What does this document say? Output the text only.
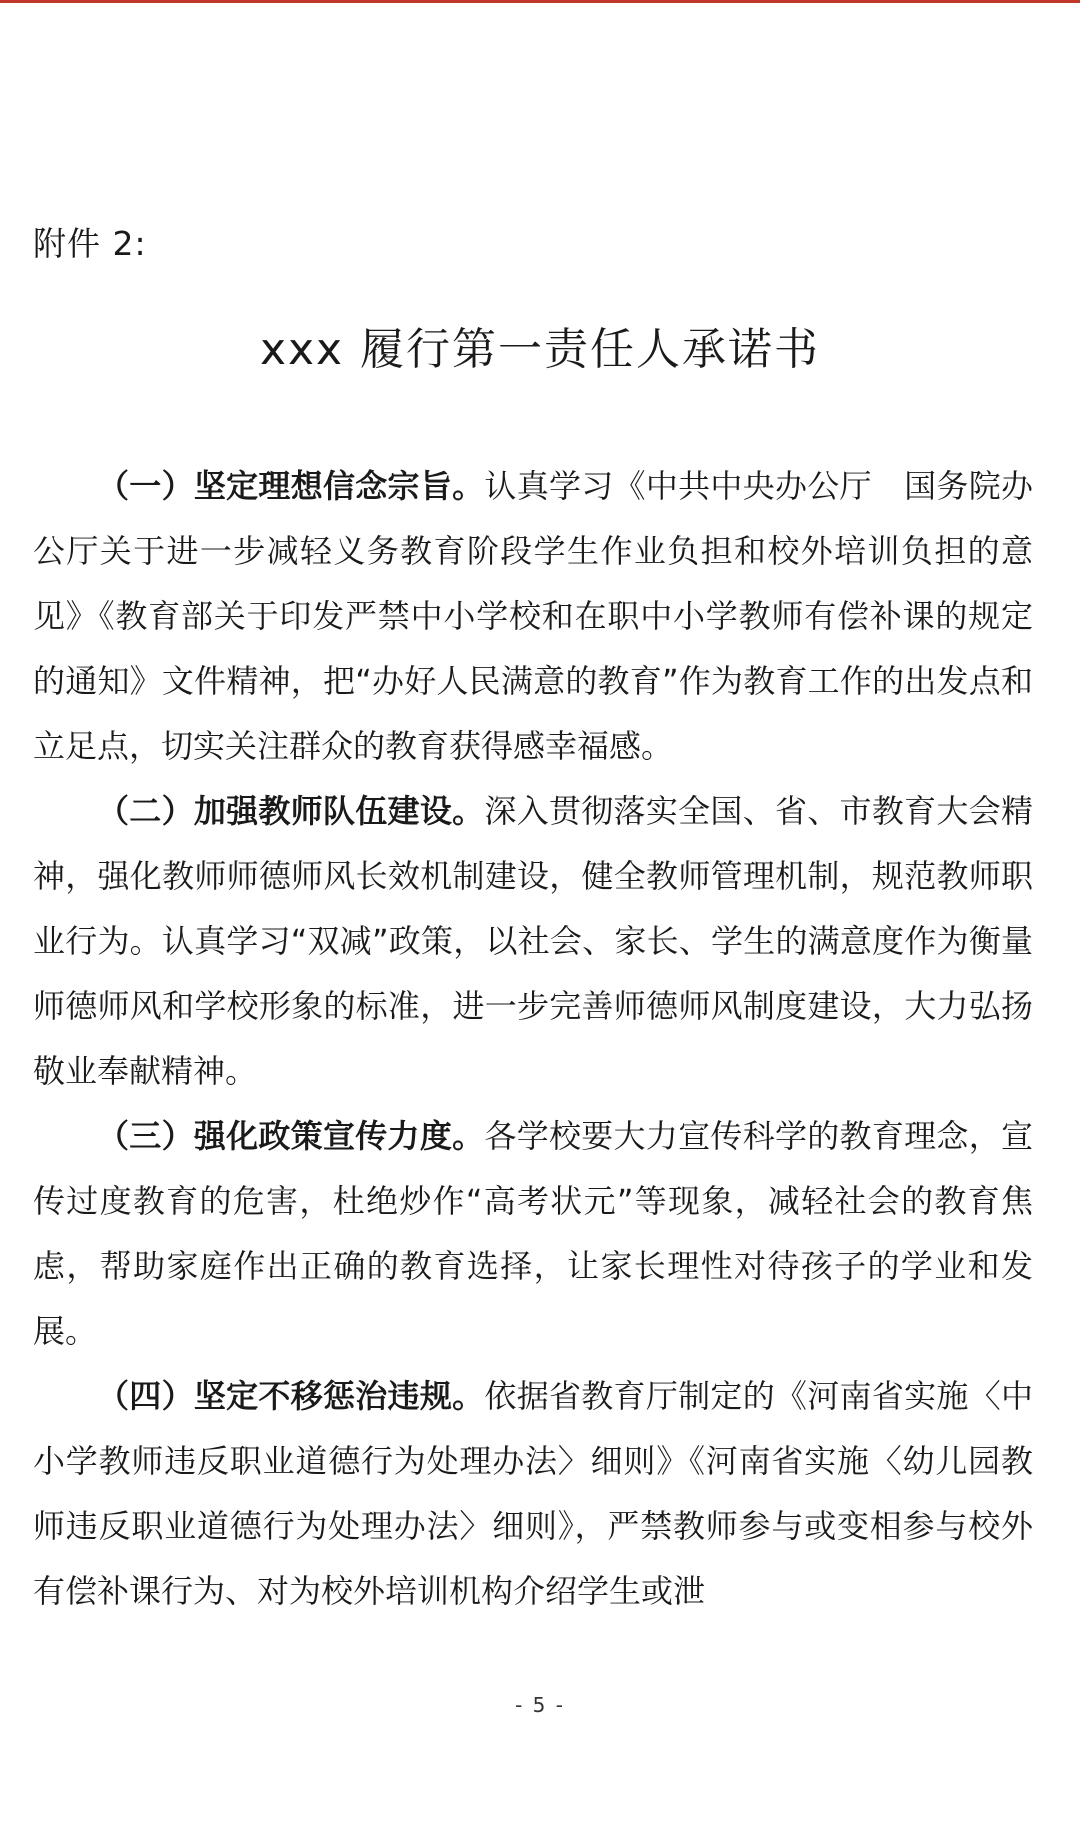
附件 2:
xxx 履行第一责任人承诺书

（一）坚定理想信念宗旨。认真学习《中共中央办公厅　国务院办公厅关于进一步减轻义务教育阶段学生作业负担和校外培训负担的意见》《教育部关于印发严禁中小学校和在职中小学教师有偿补课的规定的通知》文件精神，把“办好人民满意的教育”作为教育工作的出发点和立足点，切实关注群众的教育获得感幸福感。

（二）加强教师队伍建设。深入贯彻落实全国、省、市教育大会精神，强化教师师德师风长效机制建设，健全教师管理机制，规范教师职业行为。认真学习“双减”政策，以社会、家长、学生的满意度作为衡量师德师风和学校形象的标准，进一步完善师德师风制度建设，大力弘扬敬业奉献精神。

（三）强化政策宣传力度。各学校要大力宣传科学的教育理念，宣传过度教育的危害，杜绝炒作“高考状元”等现象，减轻社会的教育焦虑，帮助家庭作出正确的教育选择，让家长理性对待孩子的学业和发展。

（四）坚定不移惩治违规。依据省教育厅制定的《河南省实施〈中小学教师违反职业道德行为处理办法〉细则》《河南省实施〈幼儿园教师违反职业道德行为处理办法〉细则》，严禁教师参与或变相参与校外有偿补课行为、对为校外培训机构介绍学生或泄

- 5 -
